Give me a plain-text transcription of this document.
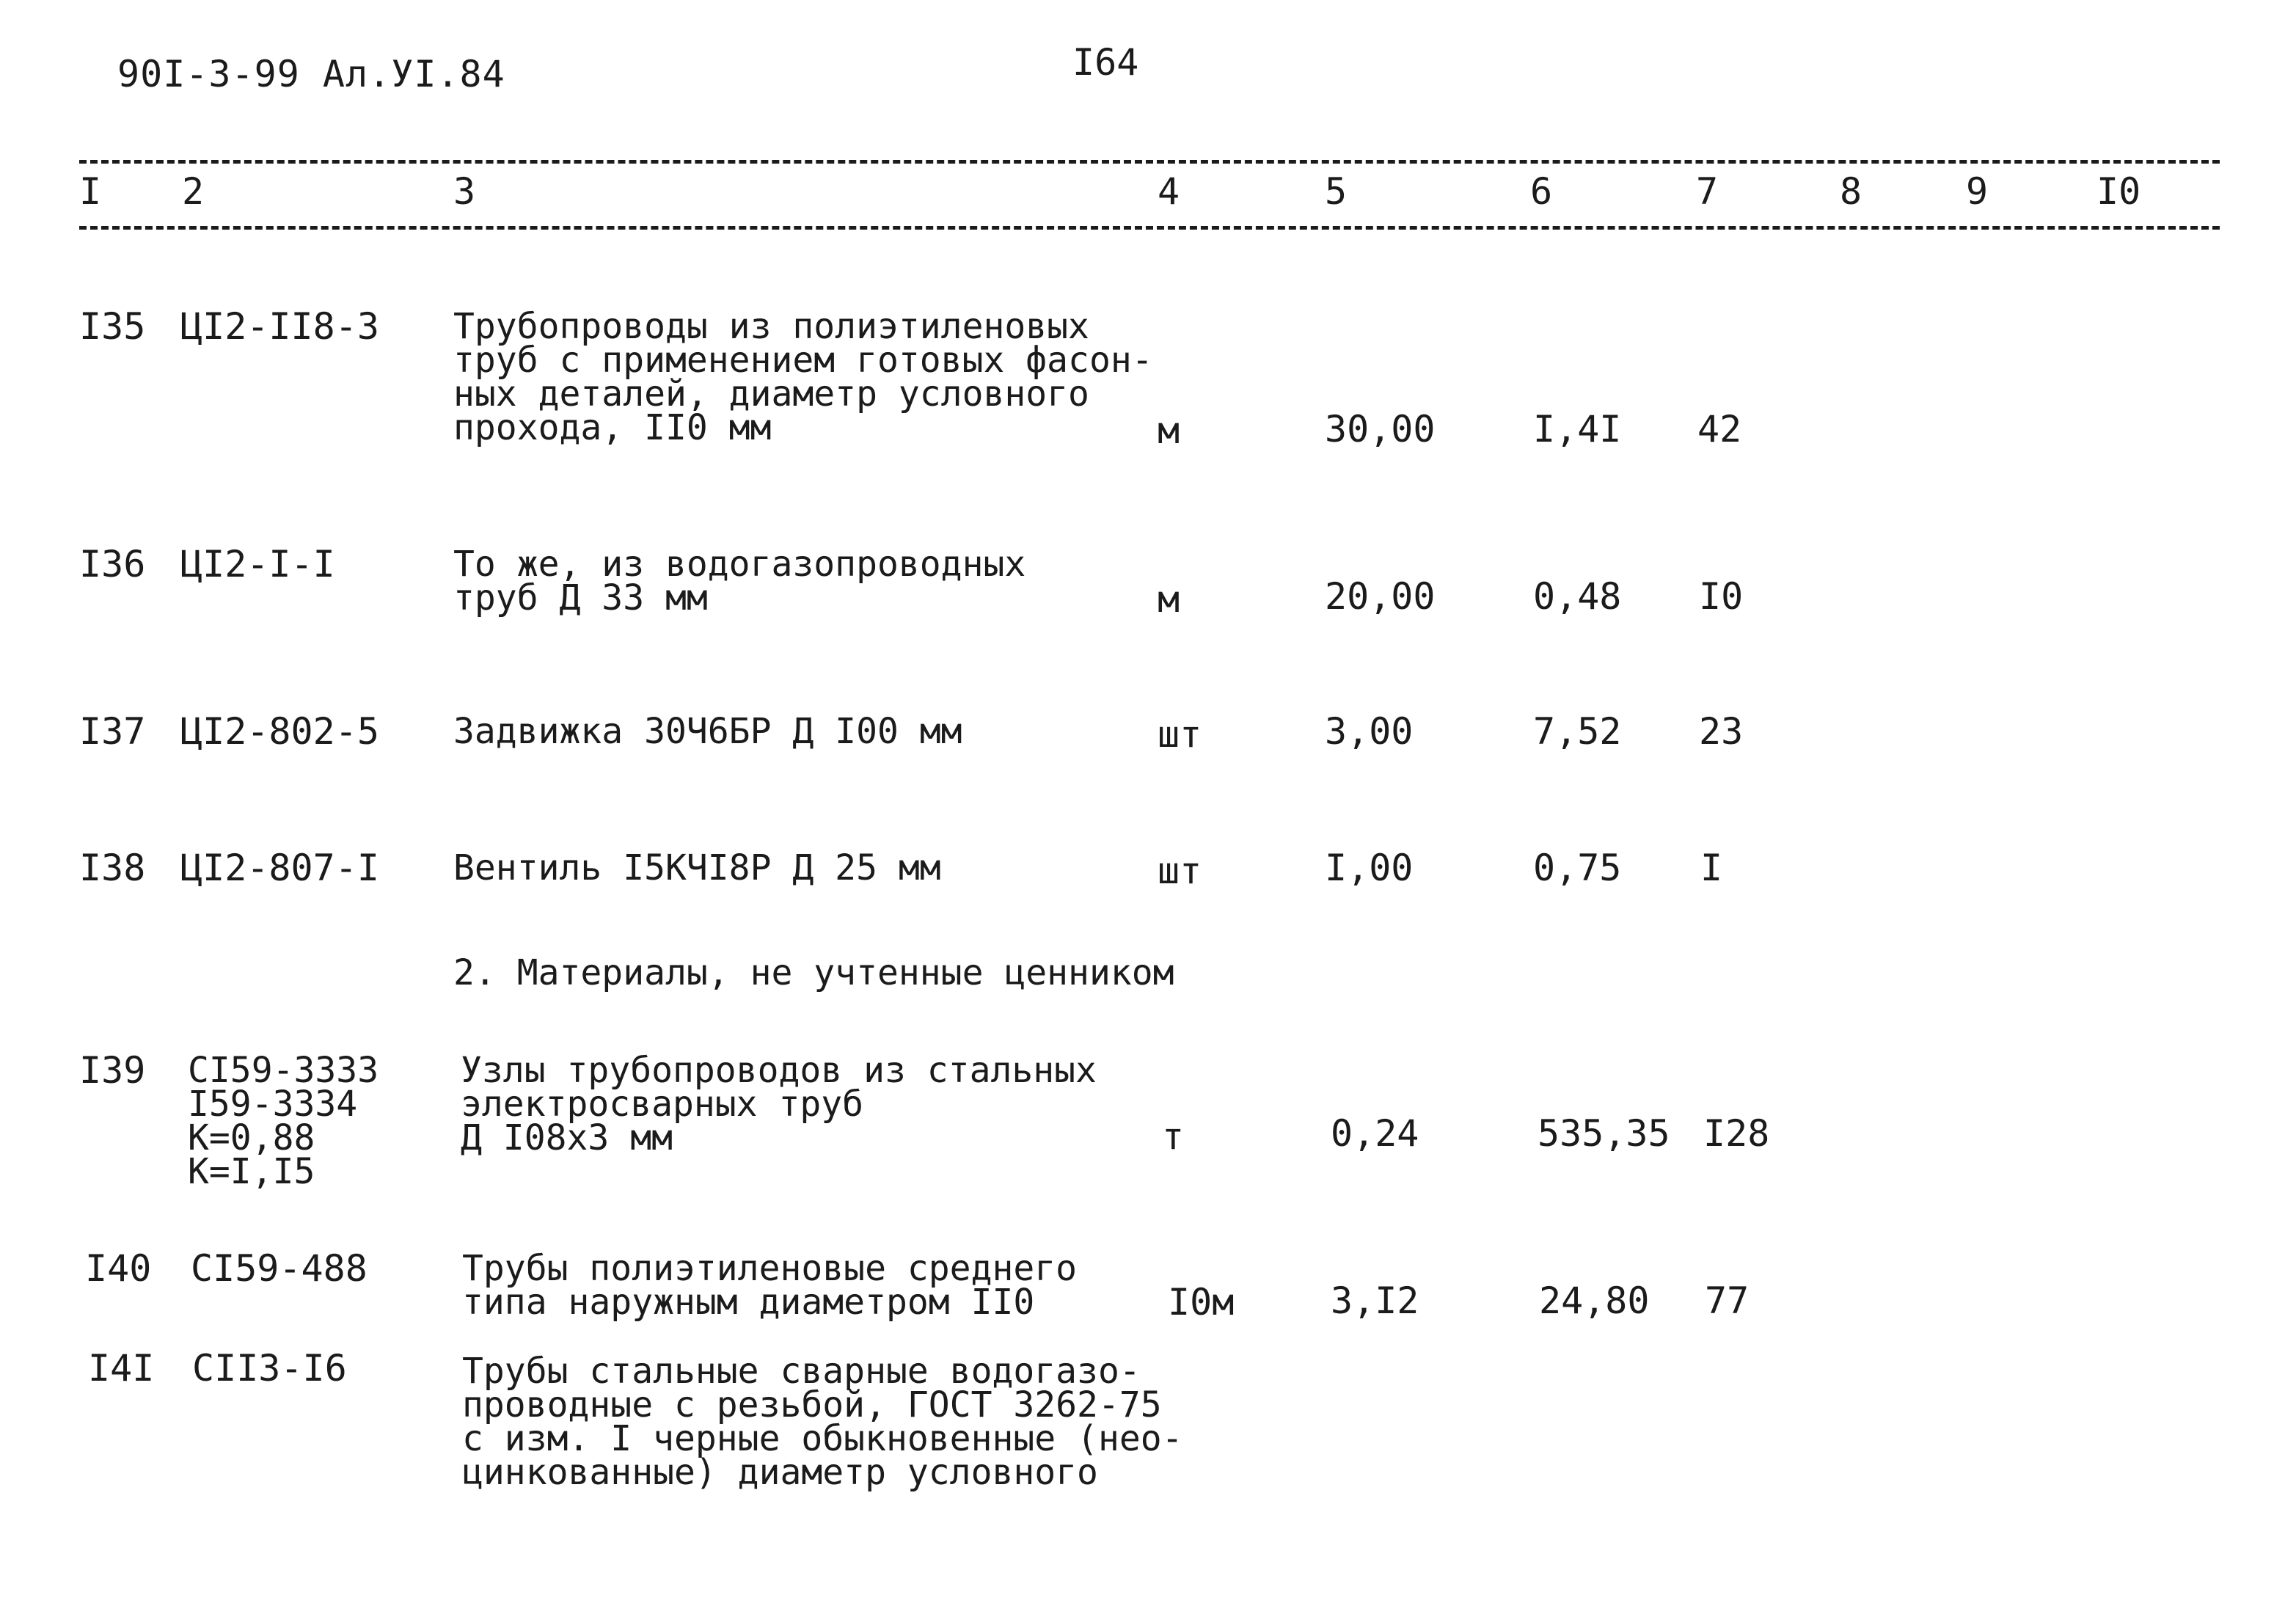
90I-3-99 Ал.УI.84	I64
I 2	3	4	5	6	7	8	9	I0
I35 ЦI2-II8-3 Трубопроводы из полиэтиленовых
труб с применением готовых фасон-
ных деталей, диаметр условного
прохода, II0 мм	м	30,00	I,4I 42
I36 ЦI2-I-I	То же, из водогазопроводных
труб Д 33 мм	м	20,00	0,48 I0
I37 ЦI2-802-5 Задвижка 30Ч6БР Д I00 мм	шт	3,00	7,52 23
I38 ЦI2-807-I Вентиль I5КЧI8Р Д 25 мм	шт	I,00	0,75 I
2. Материалы, не учтенные ценником
I39 CI59-3333
I59-3334
К=0,88
К=I,I5
Узлы трубопроводов из стальных
электросварных труб
Д I08х3 мм	т	0,24	535,35 I28
I40 CI59-488	Трубы полиэтиленовые среднего
типа наружным диаметром II0	I0м	3,I2	24,80 77
I4I CII3-I6	Трубы стальные сварные водогазо-
проводные с резьбой, ГОСТ 3262-75
с изм. I черные обыкновенные (нео-
цинкованные) диаметр условного
